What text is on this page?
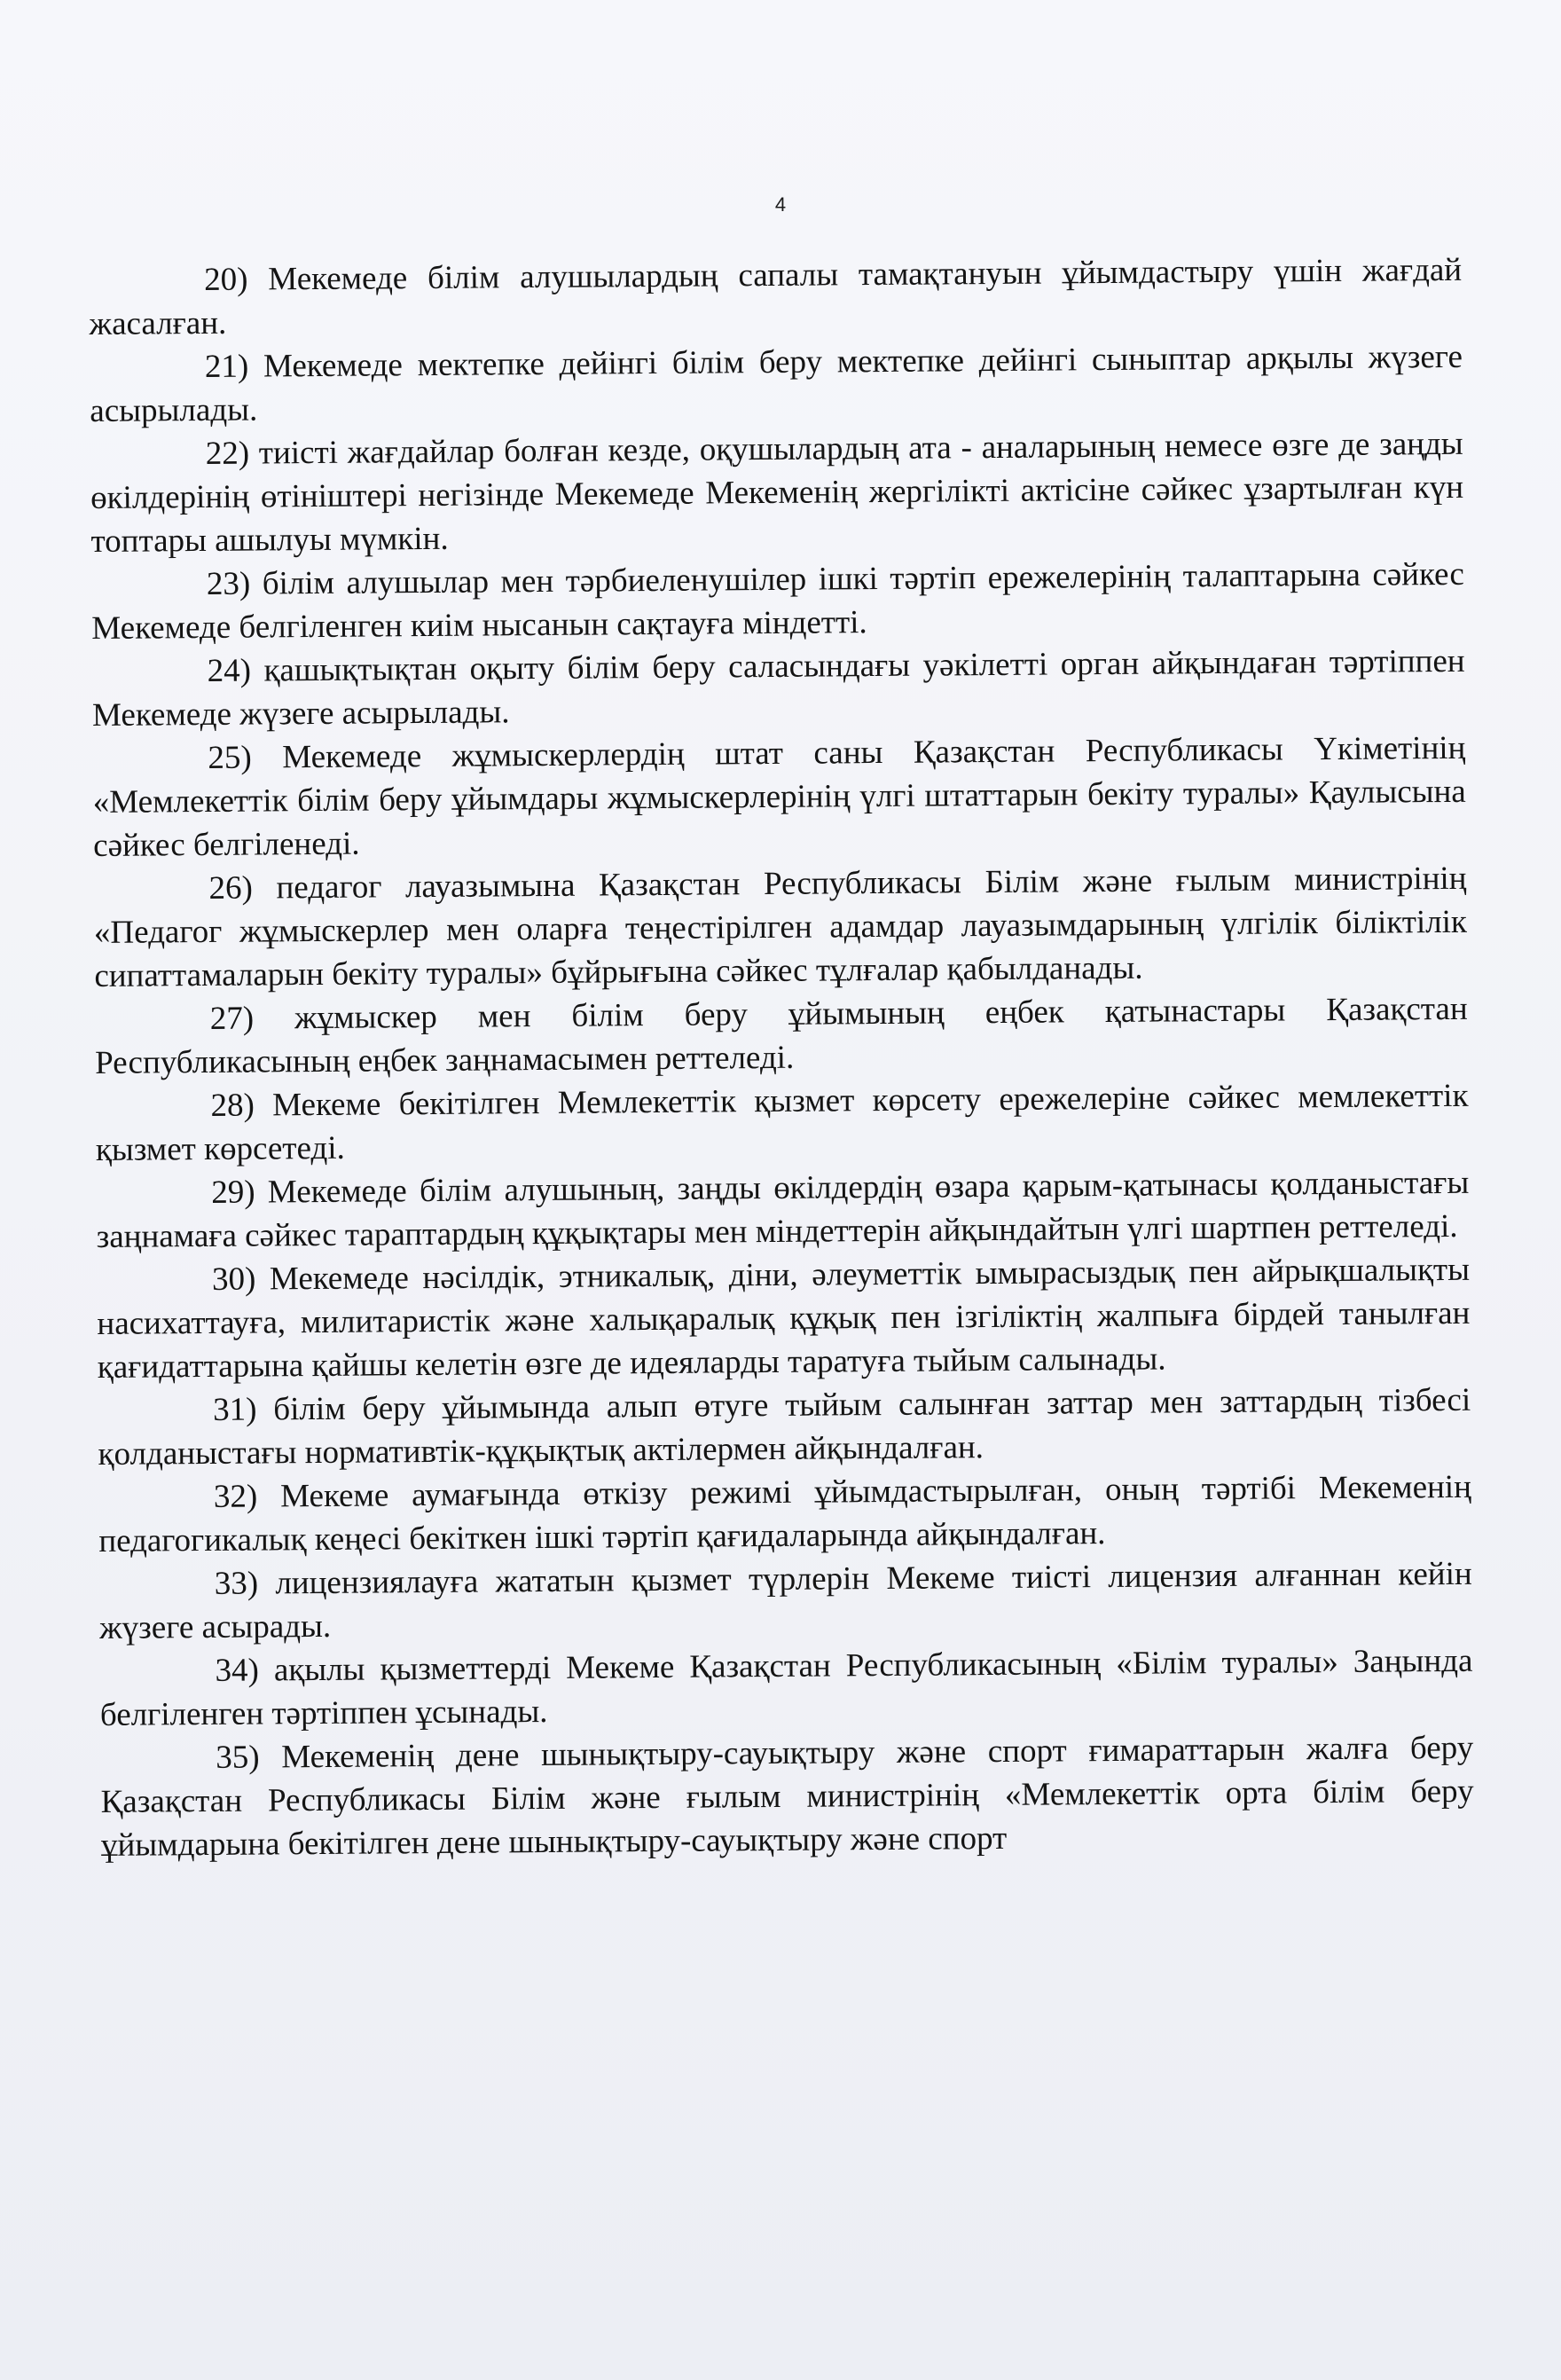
4

20) Мекемеде білім алушылардың сапалы тамақтануын ұйымдастыру үшін жағдай жасалған.

21) Мекемеде мектепке дейінгі білім беру мектепке дейінгі сыныптар арқылы жүзеге асырылады.

22) тиісті жағдайлар болған кезде, оқушылардың ата - аналарының немесе өзге де заңды өкілдерінің өтініштері негізінде Мекемеде Мекеменің жергілікті актісіне сәйкес ұзартылған күн топтары ашылуы мүмкін.

23) білім алушылар мен тәрбиеленушілер ішкі тәртіп ережелерінің талаптарына сәйкес Мекемеде белгіленген киім нысанын сақтауға міндетті.

24) қашықтықтан оқыту білім беру саласындағы уәкілетті орган айқындаған тәртіппен Мекемеде жүзеге асырылады.

25) Мекемеде жұмыскерлердің штат саны Қазақстан Республикасы Үкіметінің «Мемлекеттік білім беру ұйымдары жұмыскерлерінің үлгі штаттарын бекіту туралы» Қаулысына сәйкес белгіленеді.

26) педагог лауазымына Қазақстан Республикасы Білім және ғылым министрінің «Педагог жұмыскерлер мен оларға теңестірілген адамдар лауазымдарының үлгілік біліктілік сипаттамаларын бекіту туралы» бұйрығына сәйкес тұлғалар қабылданады.

27) жұмыскер мен білім беру ұйымының еңбек қатынастары Қазақстан Республикасының еңбек заңнамасымен реттеледі.

28) Мекеме бекітілген Мемлекеттік қызмет көрсету ережелеріне сәйкес мемлекеттік қызмет көрсетеді.

29) Мекемеде білім алушының, заңды өкілдердің өзара қарым-қатынасы қолданыстағы заңнамаға сәйкес тараптардың құқықтары мен міндеттерін айқындайтын үлгі шартпен реттеледі.

30) Мекемеде нәсілдік, этникалық, діни, әлеуметтік ымырасыздық пен айрықшалықты насихаттауға, милитаристік және халықаралық құқық пен ізгіліктің жалпыға бірдей танылған қағидаттарына қайшы келетін өзге де идеяларды таратуға тыйым салынады.

31) білім беру ұйымында алып өтуге тыйым салынған заттар мен заттардың тізбесі қолданыстағы нормативтік-құқықтық актілермен айқындалған.

32) Мекеме аумағында өткізу режимі ұйымдастырылған, оның тәртібі Мекеменің педагогикалық кеңесі бекіткен ішкі тәртіп қағидаларында айқындалған.

33) лицензиялауға жататын қызмет түрлерін Мекеме тиісті лицензия алғаннан кейін жүзеге асырады.

34) ақылы қызметтерді Мекеме Қазақстан Республикасының «Білім туралы» Заңында белгіленген тәртіппен ұсынады.

35) Мекеменің дене шынықтыру-сауықтыру және спорт ғимараттарын жалға беру Қазақстан Республикасы Білім және ғылым министрінің «Мемлекеттік орта білім беру ұйымдарына бекітілген дене шынықтыру-сауықтыру және спорт
